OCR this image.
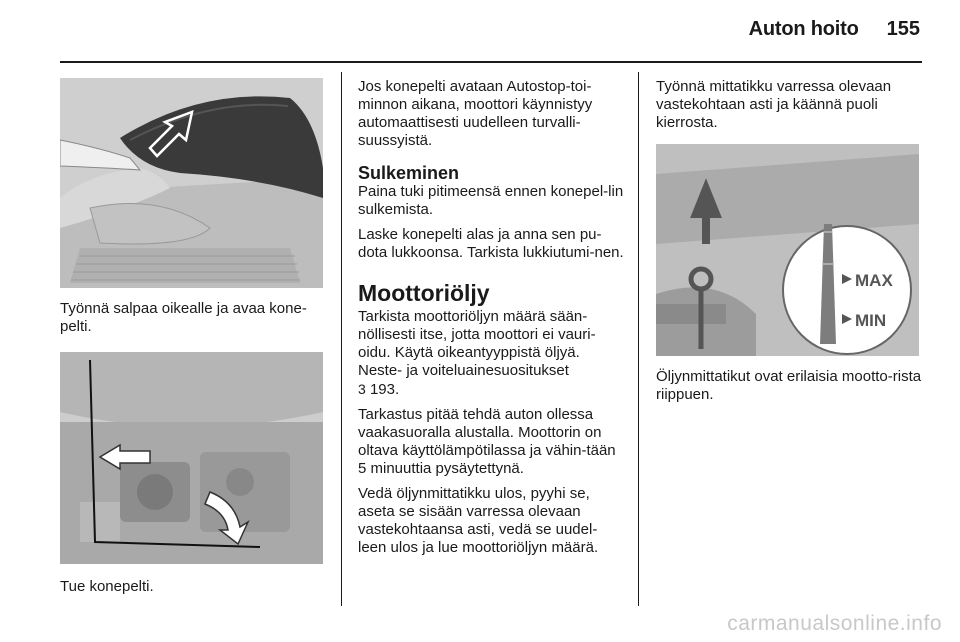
Auton hoito 155

Työnnä salpaa oikealle ja avaa kone-pelti.

Tue konepelti.

Jos konepelti avataan Autostop-toi-minnon aikana, moottori käynnistyy automaattisesti uudelleen turvalli-suussyistä.

Sulkeminen

Paina tuki pitimeensä ennen konepel-lin sulkemista.

Laske konepelti alas ja anna sen pu-dota lukkoonsa. Tarkista lukkiutumi-nen.

Moottoriöljy

Tarkista moottoriöljyn määrä sään-nöllisesti itse, jotta moottori ei vauri-oidu. Käytä oikeantyyppistä öljyä. Neste- ja voiteluainesuositukset
3 193.

Tarkastus pitää tehdä auton ollessa vaakasuoralla alustalla. Moottorin on oltava käyttölämpötilassa ja vähin-tään 5 minuuttia pysäytettynä.

Vedä öljynmittatikku ulos, pyyhi se, aseta se sisään varressa olevaan vastekohtaansa asti, vedä se uudel-leen ulos ja lue moottoriöljyn määrä.

Työnnä mittatikku varressa olevaan vastekohtaan asti ja käännä puoli kierrosta.

MAX
MIN

Öljynmittatikut ovat erilaisia mootto-rista riippuen.

carmanualsonline.info
